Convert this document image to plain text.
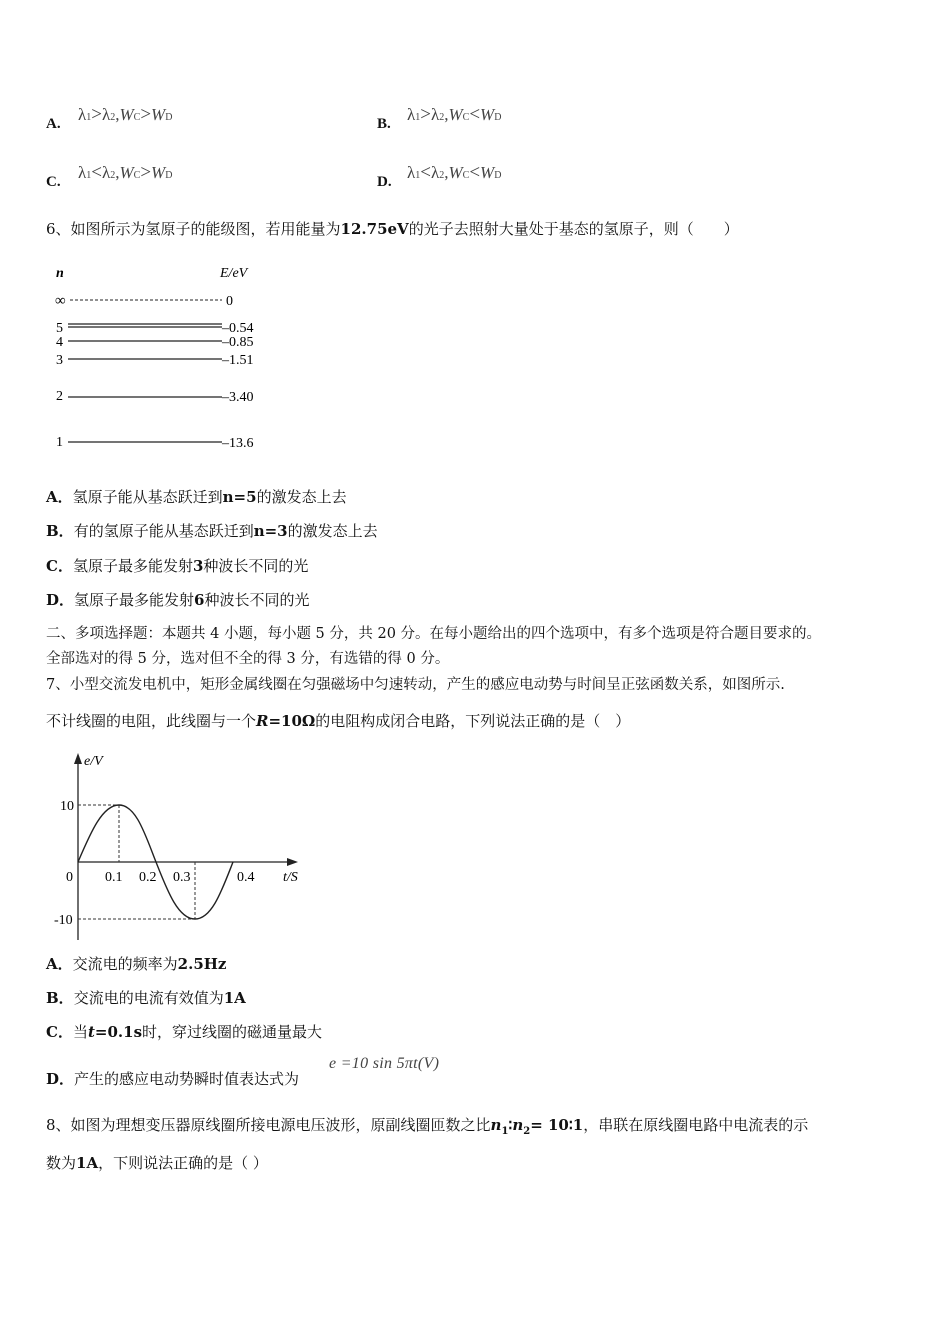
A. λ1>λ2,WC>WD	B. λ1>λ2,WC<WD
C. λ1<λ2,WC>WD	D. λ1<λ2,WC<WD
6、如图所示为氢原子的能级图，若用能量为12.75eV的光子去照射大量处于基态的氢原子，则（　　）
n	E/eV
∞	0
5	–0.54
4	–0.85
3	–1.51
2	–3.40
1	–13.6
A．氢原子能从基态跃迁到n=5的激发态上去
B．有的氢原子能从基态跃迁到n=3的激发态上去
C．氢原子最多能发射3种波长不同的光
D．氢原子最多能发射6种波长不同的光
二、多项选择题：本题共 4 小题，每小题 5 分，共 20 分。在每小题给出的四个选项中，有多个选项是符合题目要求的。
全部选对的得 5 分，选对但不全的得 3 分，有选错的得 0 分。
7、小型交流发电机中，矩形金属线圈在匀强磁场中匀速转动，产生的感应电动势与时间呈正弦函数关系，如图所示.
不计线圈的电阻，此线圈与一个R=10Ω的电阻构成闭合电路，下列说法正确的是（　）
e/V
t/S
0
10
-10
0.1 0.2 0.3	0.4
A．交流电的频率为2.5Hz
B．交流电的电流有效值为1A
C．当t=0.1s时，穿过线圈的磁通量最大
D．产生的感应电动势瞬时值表达式为
e =10 sin 5πt(V)
8、如图为理想变压器原线圈所接电源电压波形，原副线圈匝数之比$n_1∶n_2=$ 10∶1，串联在原线圈电路中电流表的示
数为1A，下则说法正确的是（ ）
